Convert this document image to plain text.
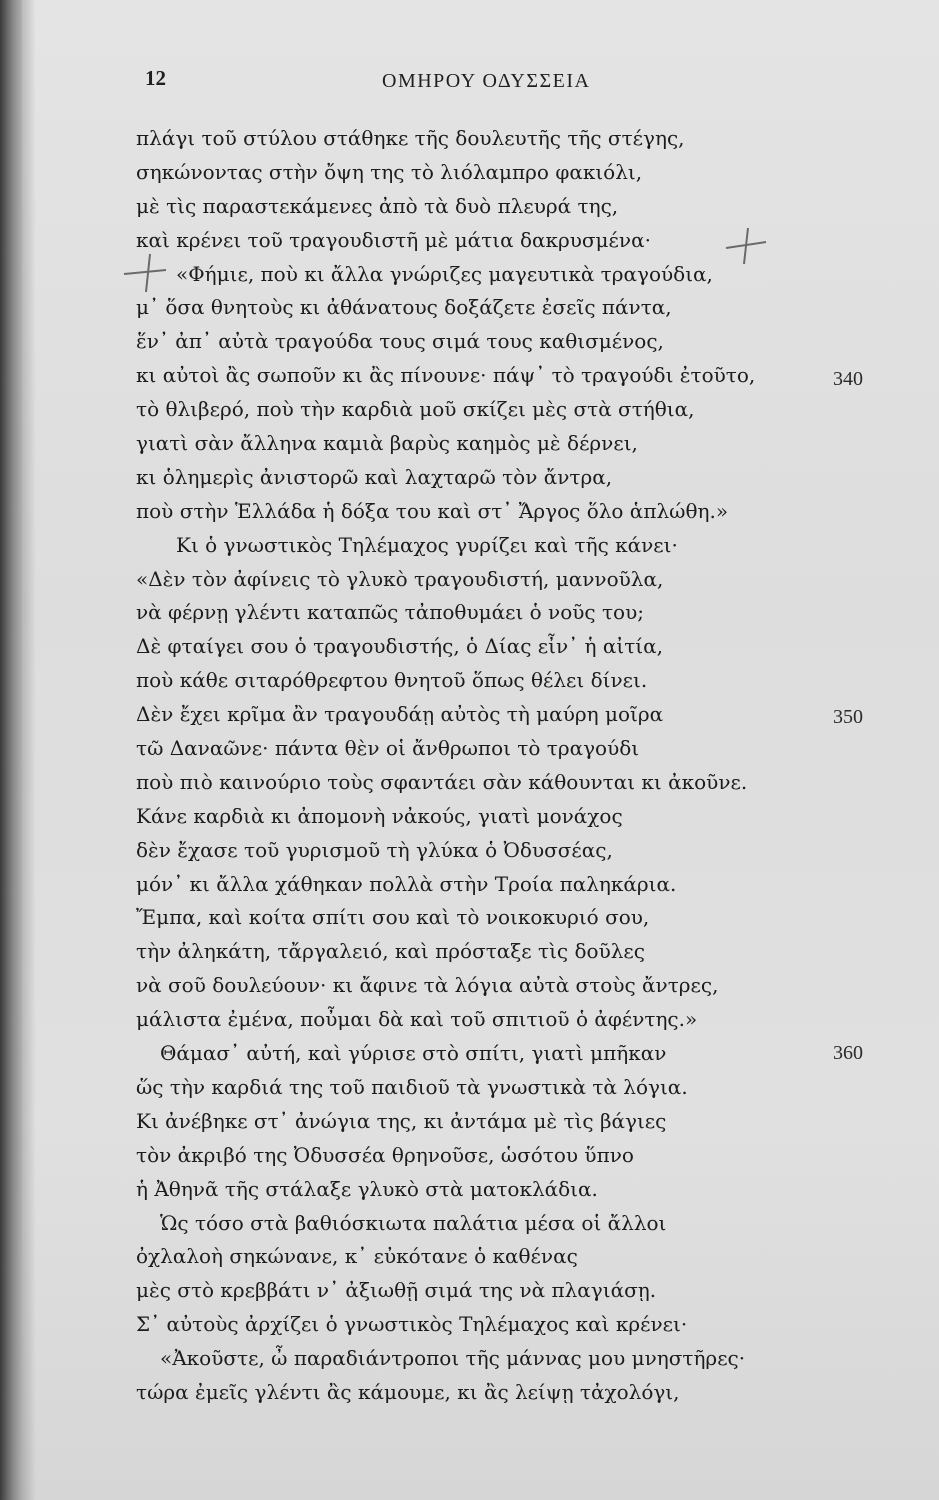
12	ΟΜΗΡΟΥ ΟΔΥΣΣΕΙΑ
πλάγι τοῦ στύλου στάθηκε τῆς δουλευτῆς τῆς στέγης,
σηκώνοντας στὴν ὄψη της τὸ λιόλαμπρο φακιόλι,
μὲ τὶς παραστεκάμενες ἀπὸ τὰ δυὸ πλευρά της,
καὶ κρένει τοῦ τραγουδιστῆ μὲ μάτια δακρυσμένα·
«Φήμιε, ποὺ κι ἄλλα γνώριζες μαγευτικὰ τραγούδια,
μ᾽ ὅσα θνητοὺς κι ἀθάνατους δοξάζετε ἐσεῖς πάντα,
ἕν᾽ ἀπ᾽ αὐτὰ τραγούδα τους σιμά τους καθισμένος,
κι αὐτοὶ ἂς σωποῦν κι ἂς πίνουνε· πάψ᾽ τὸ τραγούδι ἐτοῦτο,
τὸ θλιβερό, ποὺ τὴν καρδιὰ μοῦ σκίζει μὲς στὰ στήθια,
γιατὶ σὰν ἄλληνα καμιὰ βαρὺς καημὸς μὲ δέρνει,
κι ὁλημερὶς ἀνιστορῶ καὶ λαχταρῶ τὸν ἄντρα,
ποὺ στὴν Ἑλλάδα ἡ δόξα του καὶ στ᾽ Ἄργος ὅλο ἁπλώθη.»
Κι ὁ γνωστικὸς Τηλέμαχος γυρίζει καὶ τῆς κάνει·
«Δὲν τὸν ἀφίνεις τὸ γλυκὸ τραγουδιστή, μαννοῦλα,
νὰ φέρνῃ γλέντι καταπῶς τἀποθυμάει ὁ νοῦς του;
Δὲ φταίγει σου ὁ τραγουδιστής, ὁ Δίας εἶν᾽ ἡ αἰτία,
ποὺ κάθε σιταρόθρεφτου θνητοῦ ὅπως θέλει δίνει.
Δὲν ἔχει κρῖμα ἂν τραγουδάῃ αὐτὸς τὴ μαύρη μοῖρα
τῶ Δαναῶνε· πάντα θὲν οἱ ἄνθρωποι τὸ τραγούδι
ποὺ πιὸ καινούριο τοὺς σφαντάει σὰν κάθουνται κι ἀκοῦνε.
Κάνε καρδιὰ κι ἀπομονὴ νἀκούς, γιατὶ μονάχος
δὲν ἔχασε τοῦ γυρισμοῦ τὴ γλύκα ὁ Ὀδυσσέας,
μόν᾽ κι ἄλλα χάθηκαν πολλὰ στὴν Τροία παληκάρια.
Ἔμπα, καὶ κοίτα σπίτι σου καὶ τὸ νοικοκυριό σου,
τὴν ἀληκάτη, τἄργαλειό, καὶ πρόσταξε τὶς δοῦλες
νὰ σοῦ δουλεύουν· κι ἄφινε τὰ λόγια αὐτὰ στοὺς ἄντρες,
μάλιστα ἐμένα, ποὖμαι δὰ καὶ τοῦ σπιτιοῦ ὁ ἀφέντης.»
Θάμασ᾽ αὐτή, καὶ γύρισε στὸ σπίτι, γιατὶ μπῆκαν
ὥς τὴν καρδιά της τοῦ παιδιοῦ τὰ γνωστικὰ τὰ λόγια.
Κι ἀνέβηκε στ᾽ ἀνώγια της, κι ἀντάμα μὲ τὶς βάγιες
τὸν ἀκριβό της Ὀδυσσέα θρηνοῦσε, ὡσότου ὕπνο
ἡ Ἀθηνᾶ τῆς στάλαξε γλυκὸ στὰ ματοκλάδια.
Ὡς τόσο στὰ βαθιόσκιωτα παλάτια μέσα οἱ ἄλλοι
ὀχλαλοὴ σηκώνανε, κ᾽ εὐκότανε ὁ καθένας
μὲς στὸ κρεββάτι ν᾽ ἀξιωθῇ σιμά της νὰ πλαγιάσῃ.
Σ᾽ αὐτοὺς ἀρχίζει ὁ γνωστικὸς Τηλέμαχος καὶ κρένει·
«Ἀκοῦστε, ὦ παραδιάντροποι τῆς μάννας μου μνηστῆρες·
τώρα ἐμεῖς γλέντι ἂς κάμουμε, κι ἂς λείψῃ τἀχολόγι,
340
350
360
